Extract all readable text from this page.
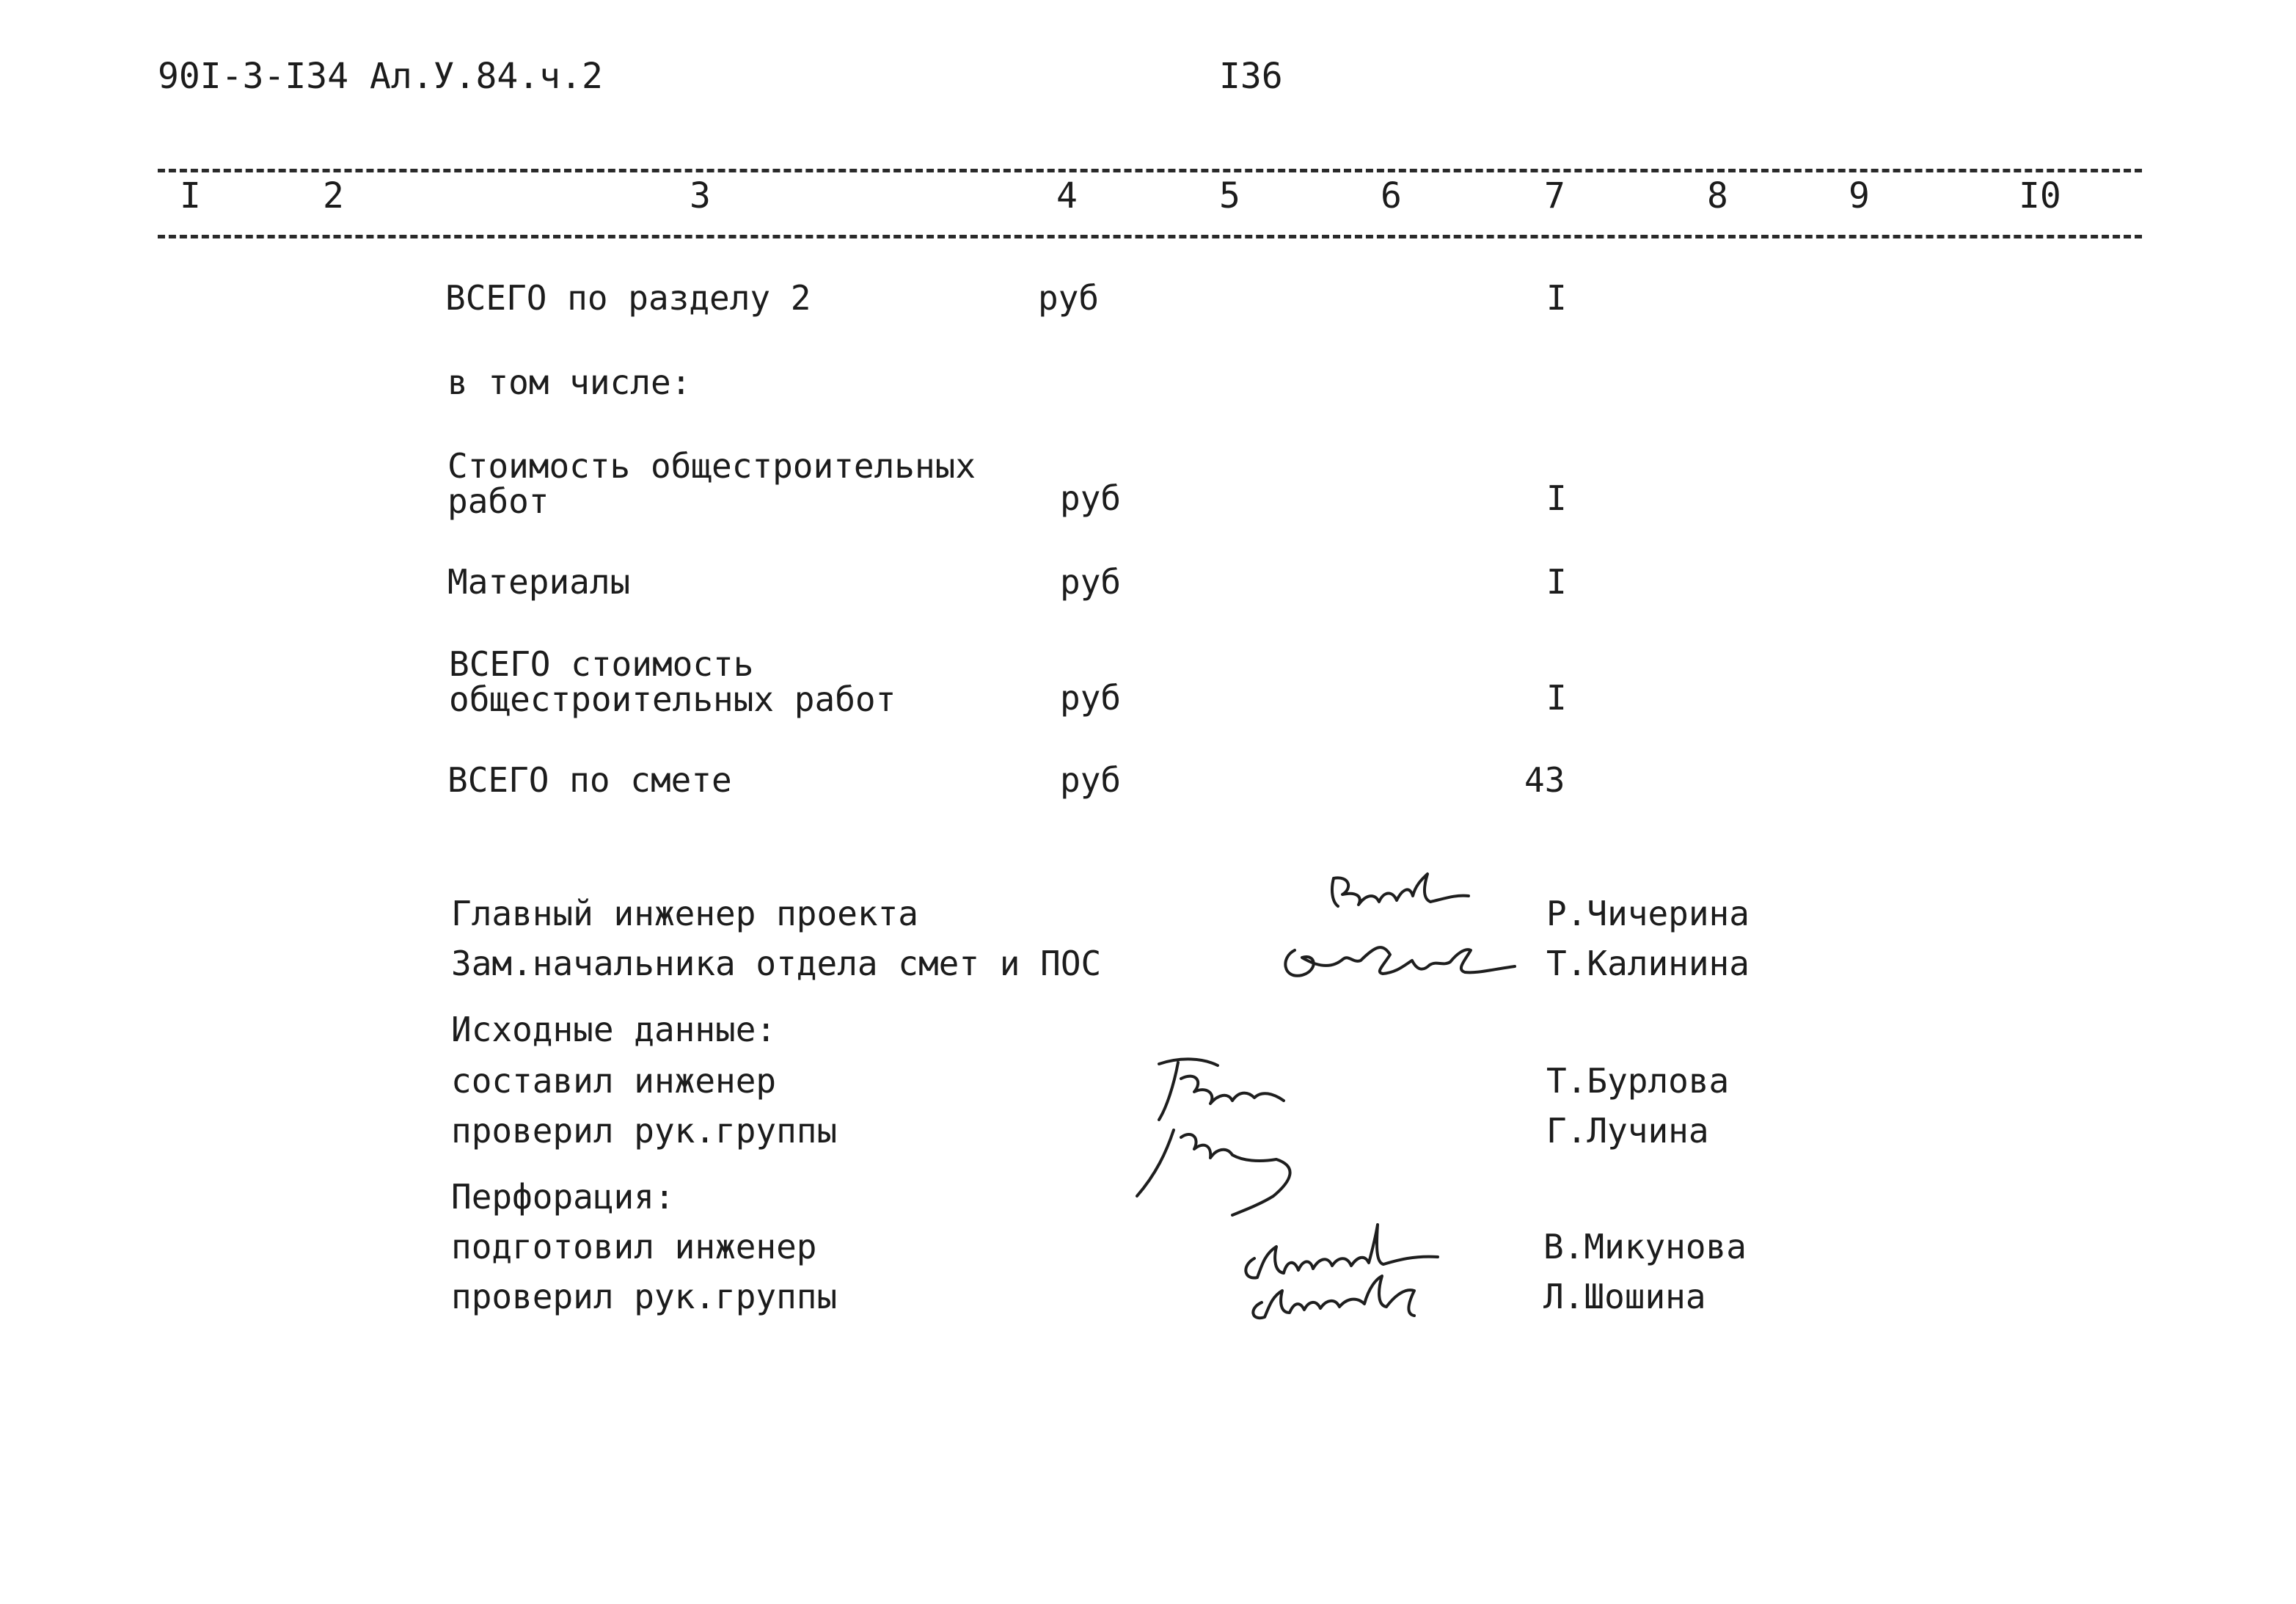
90I-3-I34 Ал.У.84.ч.2	I36
I	2	3	4	5	6	7	8	9	I0
ВСЕГО по разделу 2	руб	I
в том числе:
Стоимость общестроительных
работ	руб	I
Материалы	руб	I
ВСЕГО стоимость
общестроительных работ	руб	I
ВСЕГО по смете	руб	43
Главный инженер проекта	Р.Чичерина
Зам.начальника отдела смет и ПОС	Т.Калинина
Исходные данные:
составил инженер	Т.Бурлова
проверил рук.группы	Г.Лучина
Перфорация:
подготовил инженер	В.Микунова
проверил рук.группы	Л.Шошина
